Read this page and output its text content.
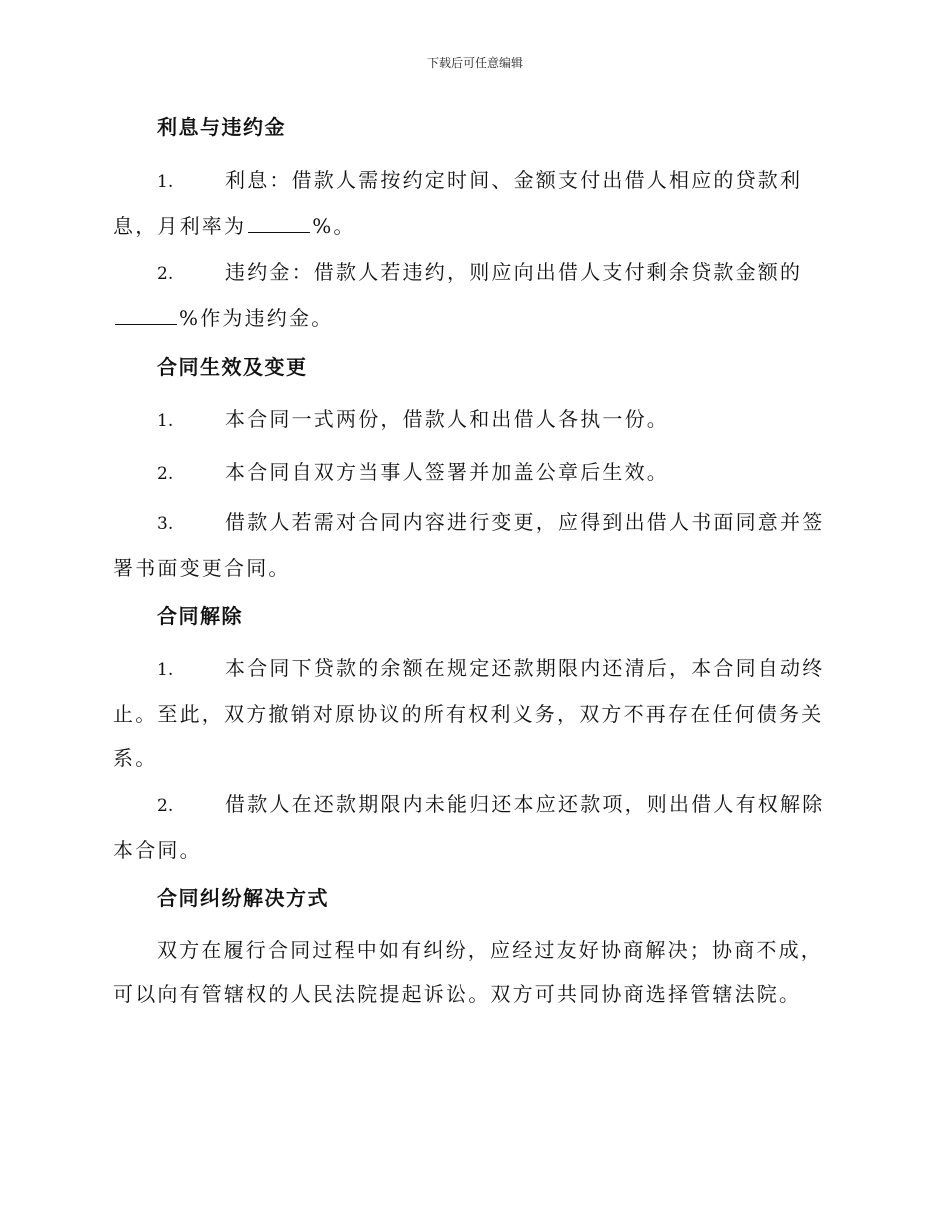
下载后可任意编辑
利息与违约金
1.	利息：借款人需按约定时间、金额支付出借人相应的贷款利息，月利率为	%。
2.	违约金：借款人若违约，则应向出借人支付剩余贷款金额的%作为违约金。
合同生效及变更
1.	本合同一式两份，借款人和出借人各执一份。
2.	本合同自双方当事人签署并加盖公章后生效。
3.	借款人若需对合同内容进行变更，应得到出借人书面同意并签署书面变更合同。
合同解除
1.	本合同下贷款的余额在规定还款期限内还清后，本合同自动终止。至此，双方撤销对原协议的所有权利义务，双方不再存在任何债务关系。
2.	借款人在还款期限内未能归还本应还款项，则出借人有权解除本合同。
合同纠纷解决方式
双方在履行合同过程中如有纠纷，应经过友好协商解决；协商不成，可以向有管辖权的人民法院提起诉讼。双方可共同协商选择管辖法院。
